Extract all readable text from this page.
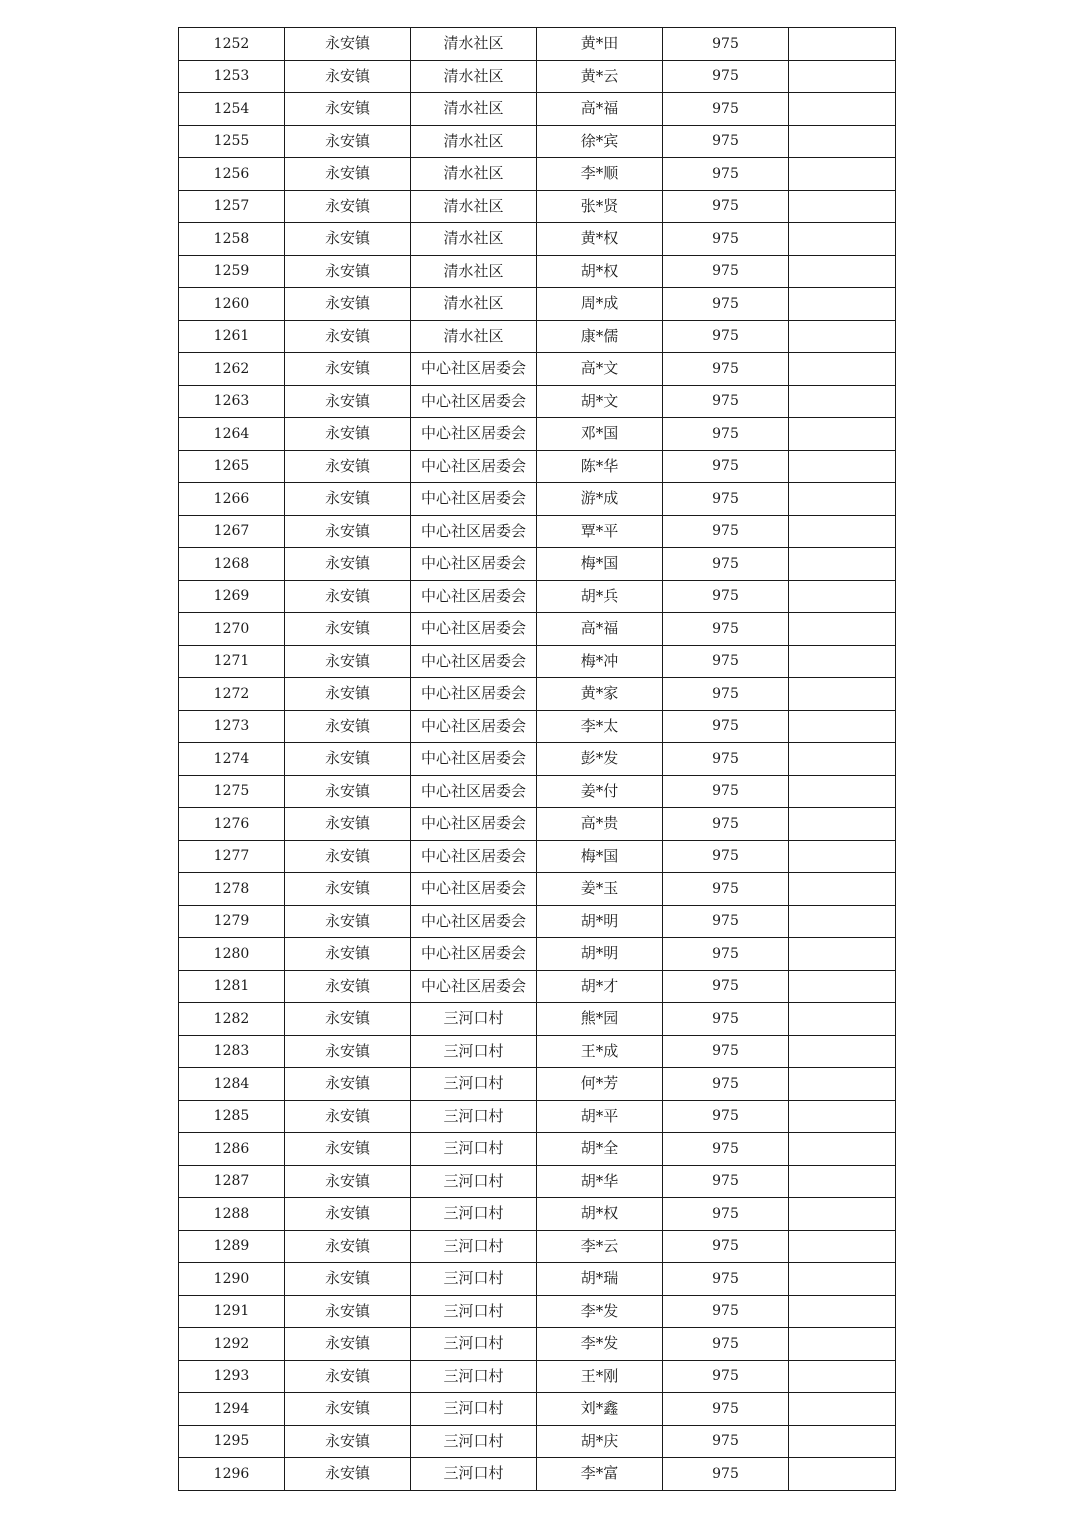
1252	永安镇	清水社区	黄*田	975	
1253	永安镇	清水社区	黄*云	975	
1254	永安镇	清水社区	高*福	975	
1255	永安镇	清水社区	徐*宾	975	
1256	永安镇	清水社区	李*顺	975	
1257	永安镇	清水社区	张*贤	975	
1258	永安镇	清水社区	黄*权	975	
1259	永安镇	清水社区	胡*权	975	
1260	永安镇	清水社区	周*成	975	
1261	永安镇	清水社区	康*儒	975	
1262	永安镇	中心社区居委会	高*文	975	
1263	永安镇	中心社区居委会	胡*文	975	
1264	永安镇	中心社区居委会	邓*国	975	
1265	永安镇	中心社区居委会	陈*华	975	
1266	永安镇	中心社区居委会	游*成	975	
1267	永安镇	中心社区居委会	覃*平	975	
1268	永安镇	中心社区居委会	梅*国	975	
1269	永安镇	中心社区居委会	胡*兵	975	
1270	永安镇	中心社区居委会	高*福	975	
1271	永安镇	中心社区居委会	梅*冲	975	
1272	永安镇	中心社区居委会	黄*家	975	
1273	永安镇	中心社区居委会	李*太	975	
1274	永安镇	中心社区居委会	彭*发	975	
1275	永安镇	中心社区居委会	姜*付	975	
1276	永安镇	中心社区居委会	高*贵	975	
1277	永安镇	中心社区居委会	梅*国	975	
1278	永安镇	中心社区居委会	姜*玉	975	
1279	永安镇	中心社区居委会	胡*明	975	
1280	永安镇	中心社区居委会	胡*明	975	
1281	永安镇	中心社区居委会	胡*才	975	
1282	永安镇	三河口村	熊*园	975	
1283	永安镇	三河口村	王*成	975	
1284	永安镇	三河口村	何*芳	975	
1285	永安镇	三河口村	胡*平	975	
1286	永安镇	三河口村	胡*全	975	
1287	永安镇	三河口村	胡*华	975	
1288	永安镇	三河口村	胡*权	975	
1289	永安镇	三河口村	李*云	975	
1290	永安镇	三河口村	胡*瑞	975	
1291	永安镇	三河口村	李*发	975	
1292	永安镇	三河口村	李*发	975	
1293	永安镇	三河口村	王*刚	975	
1294	永安镇	三河口村	刘*鑫	975	
1295	永安镇	三河口村	胡*庆	975	
1296	永安镇	三河口村	李*富	975	
